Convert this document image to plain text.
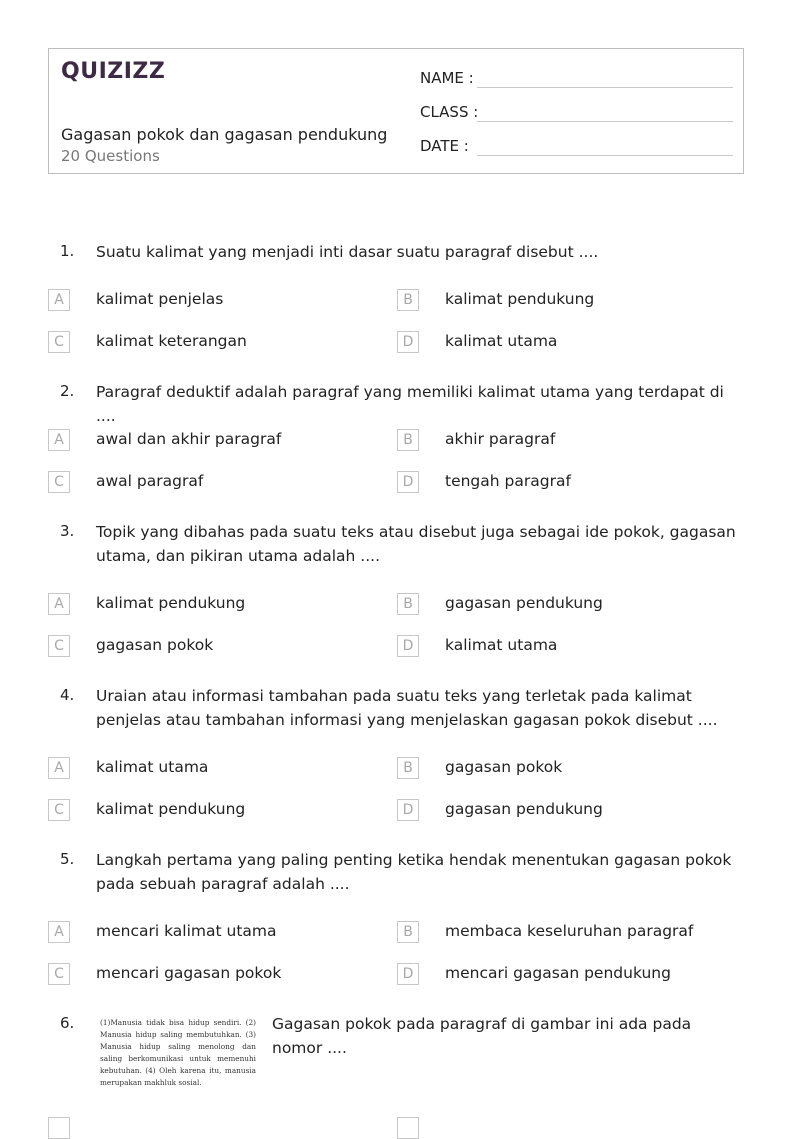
QUIZIZZ
Gagasan pokok dan gagasan pendukung
20 Questions
NAME :
CLASS :
DATE :
1. Suatu kalimat yang menjadi inti dasar suatu paragraf disebut ....
A	kalimat penjelas	B	kalimat pendukung
C	kalimat keterangan	D	kalimat utama
2. Paragraf deduktif adalah paragraf yang memiliki kalimat utama yang terdapat di ....
A	awal dan akhir paragraf	B	akhir paragraf
C	awal paragraf	D	tengah paragraf
3. Topik yang dibahas pada suatu teks atau disebut juga sebagai ide pokok, gagasan utama, dan pikiran utama adalah ....
A	kalimat pendukung	B	gagasan pendukung
C	gagasan pokok	D	kalimat utama
4. Uraian atau informasi tambahan pada suatu teks yang terletak pada kalimat penjelas atau tambahan informasi yang menjelaskan gagasan pokok disebut ....
A	kalimat utama	B	gagasan pokok
C	kalimat pendukung	D	gagasan pendukung
5. Langkah pertama yang paling penting ketika hendak menentukan gagasan pokok pada sebuah paragraf adalah ....
A	mencari kalimat utama	B	membaca keseluruhan paragraf
C	mencari gagasan pokok	D	mencari gagasan pendukung
6.	(1)Manusia tidak bisa hidup sendiri. (2) Manusia hidup saling membutuhkan. (3) Manusia hidup saling menolong dan saling berkomunikasi untuk memenuhi kebutuhan. (4) Oleh karena itu, manusia merupakan makhluk sosial.
Gagasan pokok pada paragraf di gambar ini ada pada nomor ....
